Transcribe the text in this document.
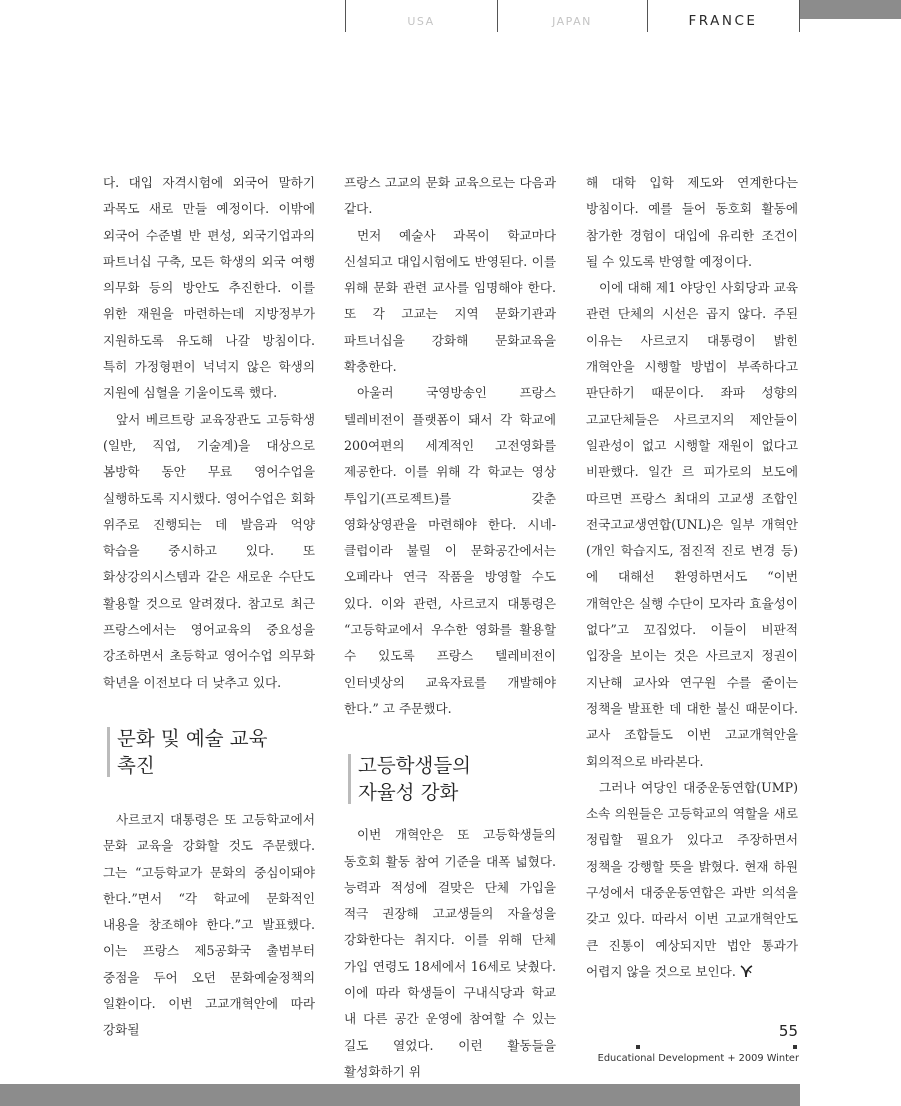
USA	JAPAN	FRANCE

다. 대입 자격시험에 외국어 말하기 과목도 새로 만들 예정이다. 이밖에 외국어 수준별 반 편성, 외국기업과의 파트너십 구축, 모든 학생의 외국 여행 의무화 등의 방안도 추진한다. 이를 위한 재원을 마련하는데 지방정부가 지원하도록 유도해 나갈 방침이다. 특히 가정형편이 넉넉지 않은 학생의 지원에 심혈을 기울이도록 했다.

앞서 베르트랑 교육장관도 고등학생(일반, 직업, 기술계)을 대상으로 봄방학 동안 무료 영어수업을 실행하도록 지시했다. 영어수업은 회화 위주로 진행되는 데 발음과 억양 학습을 중시하고 있다. 또 화상강의시스템과 같은 새로운 수단도 활용할 것으로 알려졌다. 참고로 최근 프랑스에서는 영어교육의 중요성을 강조하면서 초등학교 영어수업 의무화 학년을 이전보다 더 낮추고 있다.

문화 및 예술 교육
촉진

사르코지 대통령은 또 고등학교에서 문화 교육을 강화할 것도 주문했다. 그는 “고등학교가 문화의 중심이돼야 한다.”면서 “각 학교에 문화적인 내용을 창조해야 한다.”고 발표했다. 이는 프랑스 제5공화국 출범부터 중점을 두어 오던 문화예술정책의 일환이다. 이번 고교개혁안에 따라 강화될

프랑스 고교의 문화 교육으로는 다음과 같다.

먼저 예술사 과목이 학교마다 신설되고 대입시험에도 반영된다. 이를 위해 문화 관련 교사를 임명해야 한다. 또 각 고교는 지역 문화기관과 파트너십을 강화해 문화교육을 확충한다.

아울러 국영방송인 프랑스 텔레비전이 플랫폼이 돼서 각 학교에 200여편의 세계적인 고전영화를 제공한다. 이를 위해 각 학교는 영상 투입기(프로젝트)를 갖춘 영화상영관을 마련해야 한다. 시네-클럽이라 불릴 이 문화공간에서는 오페라나 연극 작품을 방영할 수도 있다. 이와 관련, 사르코지 대통령은 “고등학교에서 우수한 영화를 활용할 수 있도록 프랑스 텔레비전이 인터넷상의 교육자료를 개발해야 한다.” 고 주문했다.

고등학생들의
자율성 강화

이번 개혁안은 또 고등학생들의 동호회 활동 참여 기준을 대폭 넓혔다. 능력과 적성에 걸맞은 단체 가입을 적극 권장해 고교생들의 자율성을 강화한다는 취지다. 이를 위해 단체 가입 연령도 18세에서 16세로 낮췄다. 이에 따라 학생들이 구내식당과 학교 내 다른 공간 운영에 참여할 수 있는 길도 열었다. 이런 활동들을 활성화하기 위

해 대학 입학 제도와 연계한다는 방침이다. 예를 들어 동호회 활동에 참가한 경험이 대입에 유리한 조건이 될 수 있도록 반영할 예정이다.

이에 대해 제1 야당인 사회당과 교육 관련 단체의 시선은 곱지 않다. 주된 이유는 사르코지 대통령이 밝힌 개혁안을 시행할 방법이 부족하다고 판단하기 때문이다. 좌파 성향의 고교단체들은 사르코지의 제안들이 일관성이 없고 시행할 재원이 없다고 비판했다. 일간 르 피가로의 보도에 따르면 프랑스 최대의 고교생 조합인 전국고교생연합(UNL)은 일부 개혁안(개인 학습지도, 점진적 진로 변경 등)에 대해선 환영하면서도 “이번 개혁안은 실행 수단이 모자라 효율성이 없다”고 꼬집었다. 이들이 비판적 입장을 보이는 것은 사르코지 정권이 지난해 교사와 연구원 수를 줄이는 정책을 발표한 데 대한 불신 때문이다. 교사 조합들도 이번 고교개혁안을 회의적으로 바라본다.

그러나 여당인 대중운동연합(UMP) 소속 의원들은 고등학교의 역할을 새로 정립할 필요가 있다고 주장하면서 정책을 강행할 뜻을 밝혔다. 현재 하원 구성에서 대중운동연합은 과반 의석을 갖고 있다. 따라서 이번 고교개혁안도 큰 진통이 예상되지만 법안 통과가 어렵지 않을 것으로 보인다.

55
Educational Development + 2009 Winter
